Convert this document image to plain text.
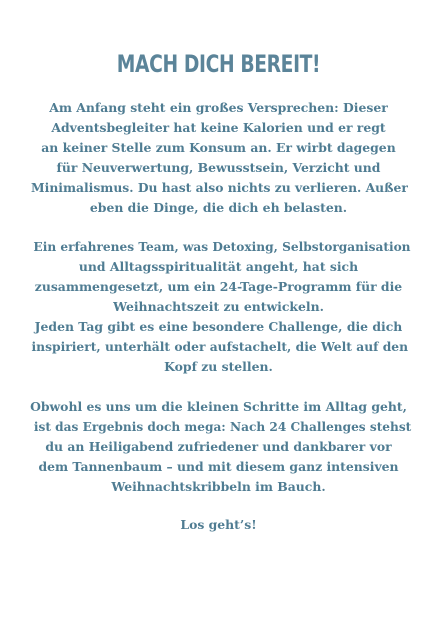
MACH DICH BEREIT!

Am Anfang steht ein großes Versprechen: Dieser
Adventsbegleiter hat keine Kalorien und er regt
an keiner Stelle zum Konsum an. Er wirbt dagegen
für Neuverwertung, Bewusstsein, Verzicht und
Minimalismus. Du hast also nichts zu verlieren. Außer
eben die Dinge, die dich eh belasten.

Ein erfahrenes Team, was Detoxing, Selbstorganisation
und Alltagsspiritualität angeht, hat sich
zusammengesetzt, um ein 24-Tage-Programm für die
Weihnachtszeit zu entwickeln.
Jeden Tag gibt es eine besondere Challenge, die dich
inspiriert, unterhält oder aufstachelt, die Welt auf den
Kopf zu stellen.

Obwohl es uns um die kleinen Schritte im Alltag geht,
ist das Ergebnis doch mega: Nach 24 Challenges stehst
du an Heiligabend zufriedener und dankbarer vor
dem Tannenbaum – und mit diesem ganz intensiven
Weihnachtskribbeln im Bauch.

Los geht’s!
